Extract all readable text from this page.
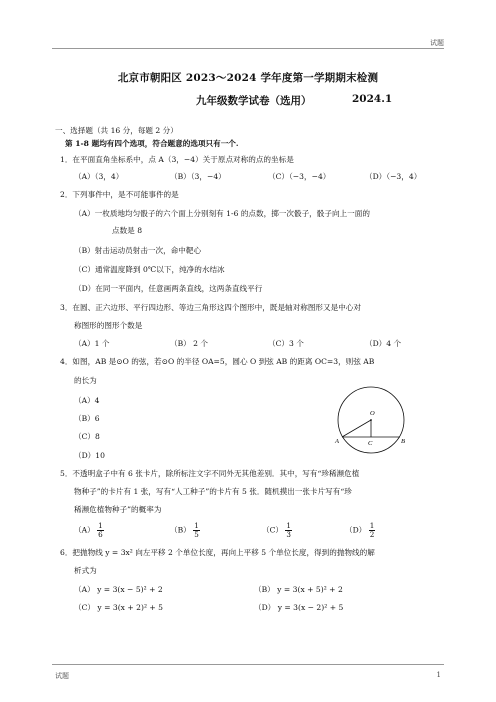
试题
北京市朝阳区 2023～2024 学年度第一学期期末检测
九年级数学试卷（选用）	2024.1
一、选择题（共 16 分，每题 2 分）
第 1-8 题均有四个选项，符合题意的选项只有一个.
1．在平面直角坐标系中，点 A（3，−4）关于原点对称的点的坐标是
（A）（3，4）	（B）（3，−4）	（C）（−3，−4）	（D）（−3，4）
2．下列事件中，是不可能事件的是
（A）一枚质地均匀骰子的六个面上分别刻有 1-6 的点数，掷一次骰子，骰子向上一面的
点数是 8
（B）射击运动员射击一次，命中靶心
（C）通常温度降到 0℃以下，纯净的水结冰
（D）在同一平面内，任意画两条直线，这两条直线平行
3．在圆、正六边形、平行四边形、等边三角形这四个图形中，既是轴对称图形又是中心对
称图形的图形个数是
（A）1 个	（B） 2 个	（C）3 个	（D）4 个
4．如图，AB 是⊙O 的弦，若⊙O 的半径 OA=5，圆心 O 到弦 AB 的距离 OC=3，则弦 AB
的长为
（A）4
（B）6
（C）8
（D）10
O
A	B
C
5．不透明盒子中有 6 张卡片，除所标注文字不同外无其他差别．其中，写有“珍稀濒危植
物种子”的卡片有 1 张，写有“人工种子”的卡片有 5 张．随机摸出一张卡片写有“珍
稀濒危植物种子”的概率为
$(A) \frac{1}{6}$	$(B) \frac{1}{5}$	$(C) \frac{1}{3}$	$(D) \frac{1}{2}$
6．把抛物线 y = 3x² 向左平移 2 个单位长度，再向上平移 5 个单位长度，得到的抛物线的解
析式为
（A） y = 3(x − 5)² + 2	（B） y = 3(x + 5)² + 2
（C） y = 3(x + 2)² + 5	（D） y = 3(x − 2)² + 5
试题	1
